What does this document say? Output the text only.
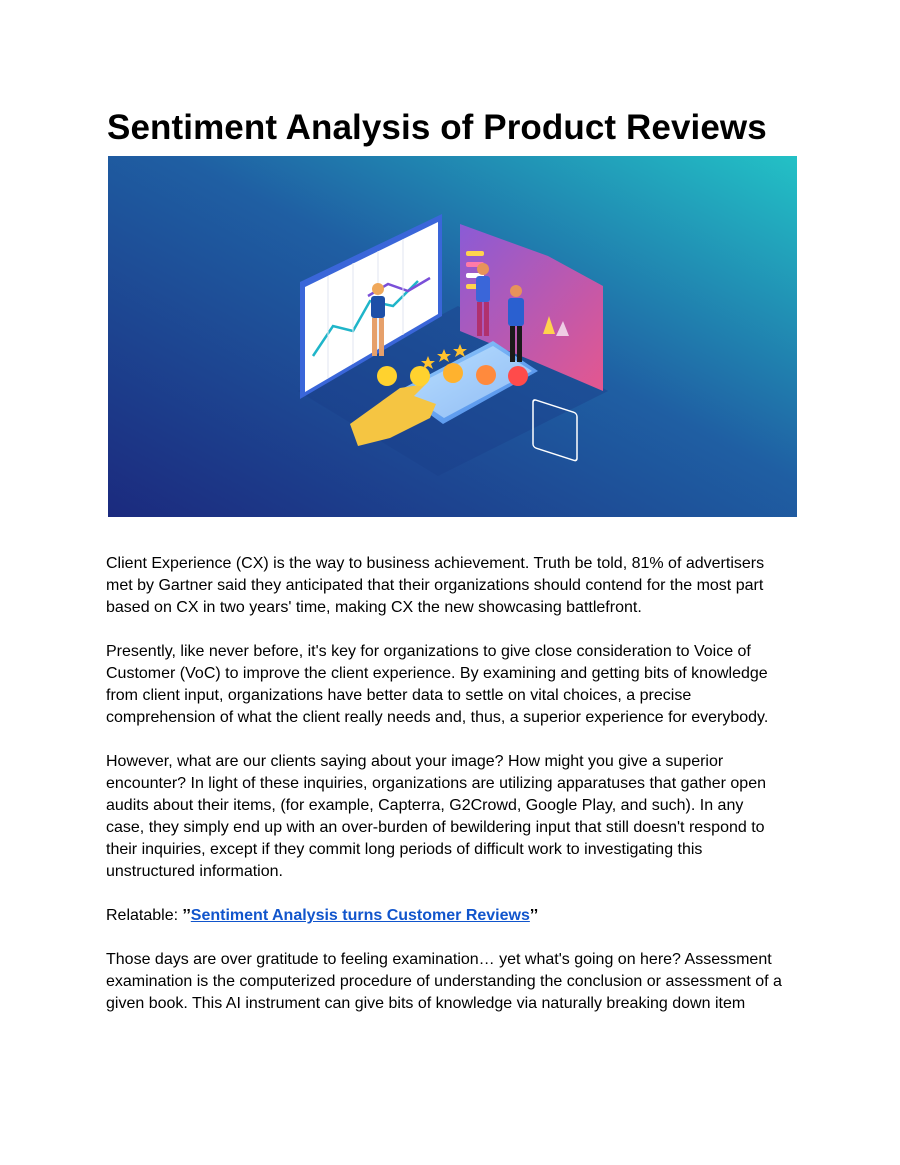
Sentiment Analysis of Product Reviews

Client Experience (CX) is the way to business achievement. Truth be told, 81% of advertisers
met by Gartner said they anticipated that their organizations should contend for the most part
based on CX in two years' time, making CX the new showcasing battlefront.

Presently, like never before, it's key for organizations to give close consideration to Voice of
Customer (VoC) to improve the client experience. By examining and getting bits of knowledge
from client input, organizations have better data to settle on vital choices, a precise
comprehension of what the client really needs and, thus, a superior experience for everybody.

However, what are our clients saying about your image? How might you give a superior
encounter? In light of these inquiries, organizations are utilizing apparatuses that gather open
audits about their items, (for example, Capterra, G2Crowd, Google Play, and such). In any
case, they simply end up with an over-burden of bewildering input that still doesn't respond to
their inquiries, except if they commit long periods of difficult work to investigating this
unstructured information.

Relatable: ’’Sentiment Analysis turns Customer Reviews’’

Those days are over gratitude to feeling examination… yet what's going on here? Assessment
examination is the computerized procedure of understanding the conclusion or assessment of a
given book. This AI instrument can give bits of knowledge via naturally breaking down item
